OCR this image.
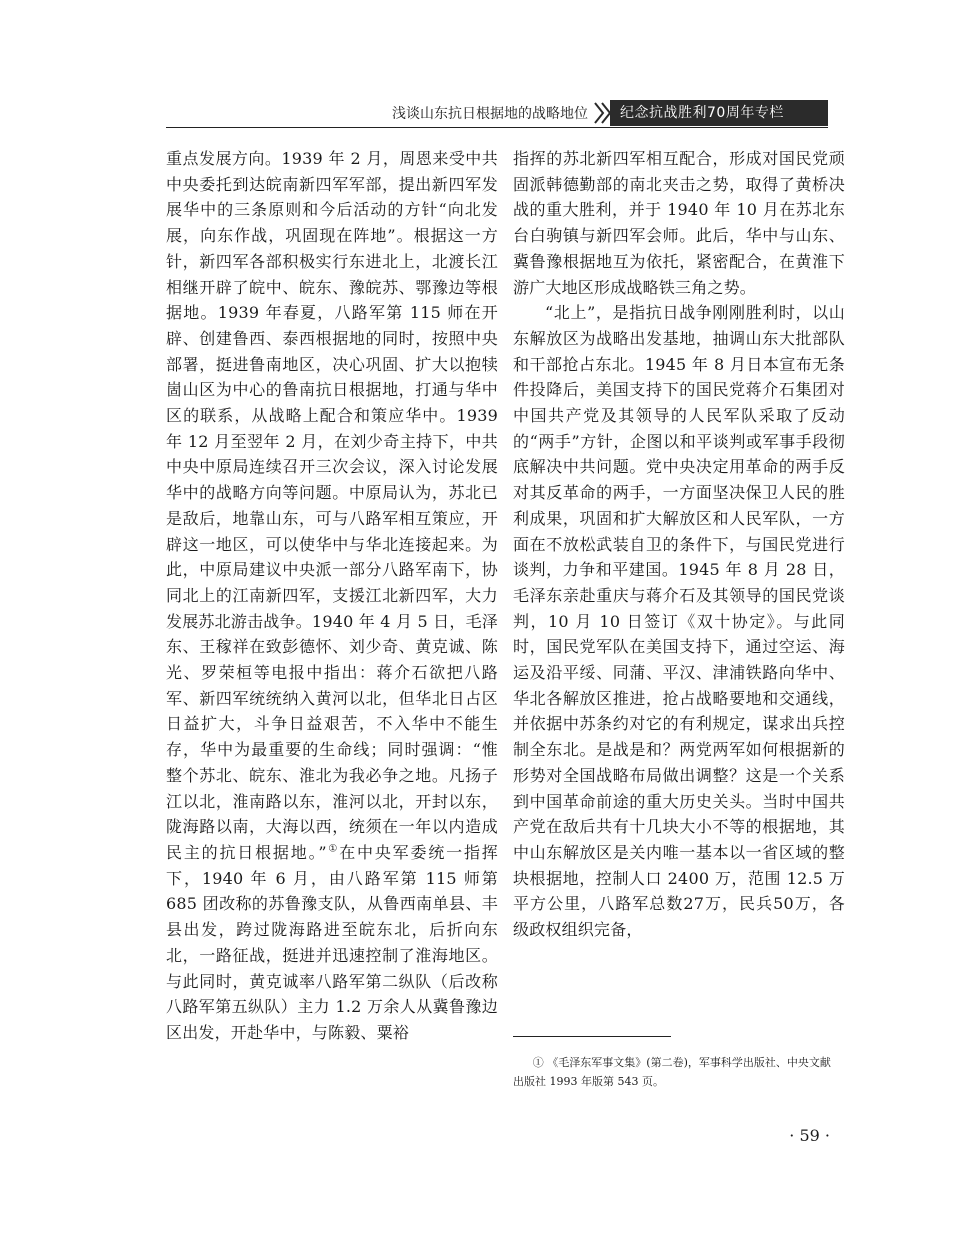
浅谈山东抗日根据地的战略地位	纪念抗战胜利70周年专栏

重点发展方向。1939 年 2 月，周恩来受中共中央委托到达皖南新四军军部，提出新四军发展华中的三条原则和今后活动的方针“向北发展，向东作战，巩固现在阵地”。根据这一方针，新四军各部积极实行东进北上，北渡长江相继开辟了皖中、皖东、豫皖苏、鄂豫边等根据地。1939 年春夏，八路军第 115 师在开辟、创建鲁西、泰西根据地的同时，按照中央部署，挺进鲁南地区，决心巩固、扩大以抱犊崮山区为中心的鲁南抗日根据地，打通与华中区的联系，从战略上配合和策应华中。1939 年 12 月至翌年 2 月，在刘少奇主持下，中共中央中原局连续召开三次会议，深入讨论发展华中的战略方向等问题。中原局认为，苏北已是敌后，地靠山东，可与八路军相互策应，开辟这一地区，可以使华中与华北连接起来。为此，中原局建议中央派一部分八路军南下，协同北上的江南新四军，支援江北新四军，大力发展苏北游击战争。1940 年 4 月 5 日，毛泽东、王稼祥在致彭德怀、刘少奇、黄克诚、陈光、罗荣桓等电报中指出：蒋介石欲把八路军、新四军统统纳入黄河以北，但华北日占区日益扩大，斗争日益艰苦，不入华中不能生存，华中为最重要的生命线；同时强调：“惟整个苏北、皖东、淮北为我必争之地。凡扬子江以北，淮南路以东，淮河以北，开封以东，陇海路以南，大海以西，统须在一年以内造成民主的抗日根据地。”①在中央军委统一指挥下，1940 年 6 月，由八路军第 115 师第 685 团改称的苏鲁豫支队，从鲁西南单县、丰县出发，跨过陇海路进至皖东北，后折向东北，一路征战，挺进并迅速控制了淮海地区。与此同时，黄克诚率八路军第二纵队（后改称八路军第五纵队）主力 1.2 万余人从冀鲁豫边区出发，开赴华中，与陈毅、粟裕

指挥的苏北新四军相互配合，形成对国民党顽固派韩德勤部的南北夹击之势，取得了黄桥决战的重大胜利，并于 1940 年 10 月在苏北东台白驹镇与新四军会师。此后，华中与山东、冀鲁豫根据地互为依托，紧密配合，在黄淮下游广大地区形成战略铁三角之势。

“北上”，是指抗日战争刚刚胜利时，以山东解放区为战略出发基地，抽调山东大批部队和干部抢占东北。1945 年 8 月日本宣布无条件投降后，美国支持下的国民党蒋介石集团对中国共产党及其领导的人民军队采取了反动的“两手”方针，企图以和平谈判或军事手段彻底解决中共问题。党中央决定用革命的两手反对其反革命的两手，一方面坚决保卫人民的胜利成果，巩固和扩大解放区和人民军队，一方面在不放松武装自卫的条件下，与国民党进行谈判，力争和平建国。1945 年 8 月 28 日，毛泽东亲赴重庆与蒋介石及其领导的国民党谈判，10 月 10 日签订《双十协定》。与此同时，国民党军队在美国支持下，通过空运、海运及沿平绥、同蒲、平汉、津浦铁路向华中、华北各解放区推进，抢占战略要地和交通线，并依据中苏条约对它的有利规定，谋求出兵控制全东北。是战是和？两党两军如何根据新的形势对全国战略布局做出调整？这是一个关系到中国革命前途的重大历史关头。当时中国共产党在敌后共有十几块大小不等的根据地，其中山东解放区是关内唯一基本以一省区域的整块根据地，控制人口 2400 万，范围 12.5 万平方公里，八路军总数27万，民兵50万，各级政权组织完备，

① 《毛泽东军事文集》(第二卷)，军事科学出版社、中央文献出版社 1993 年版第 543 页。
· 59 ·
